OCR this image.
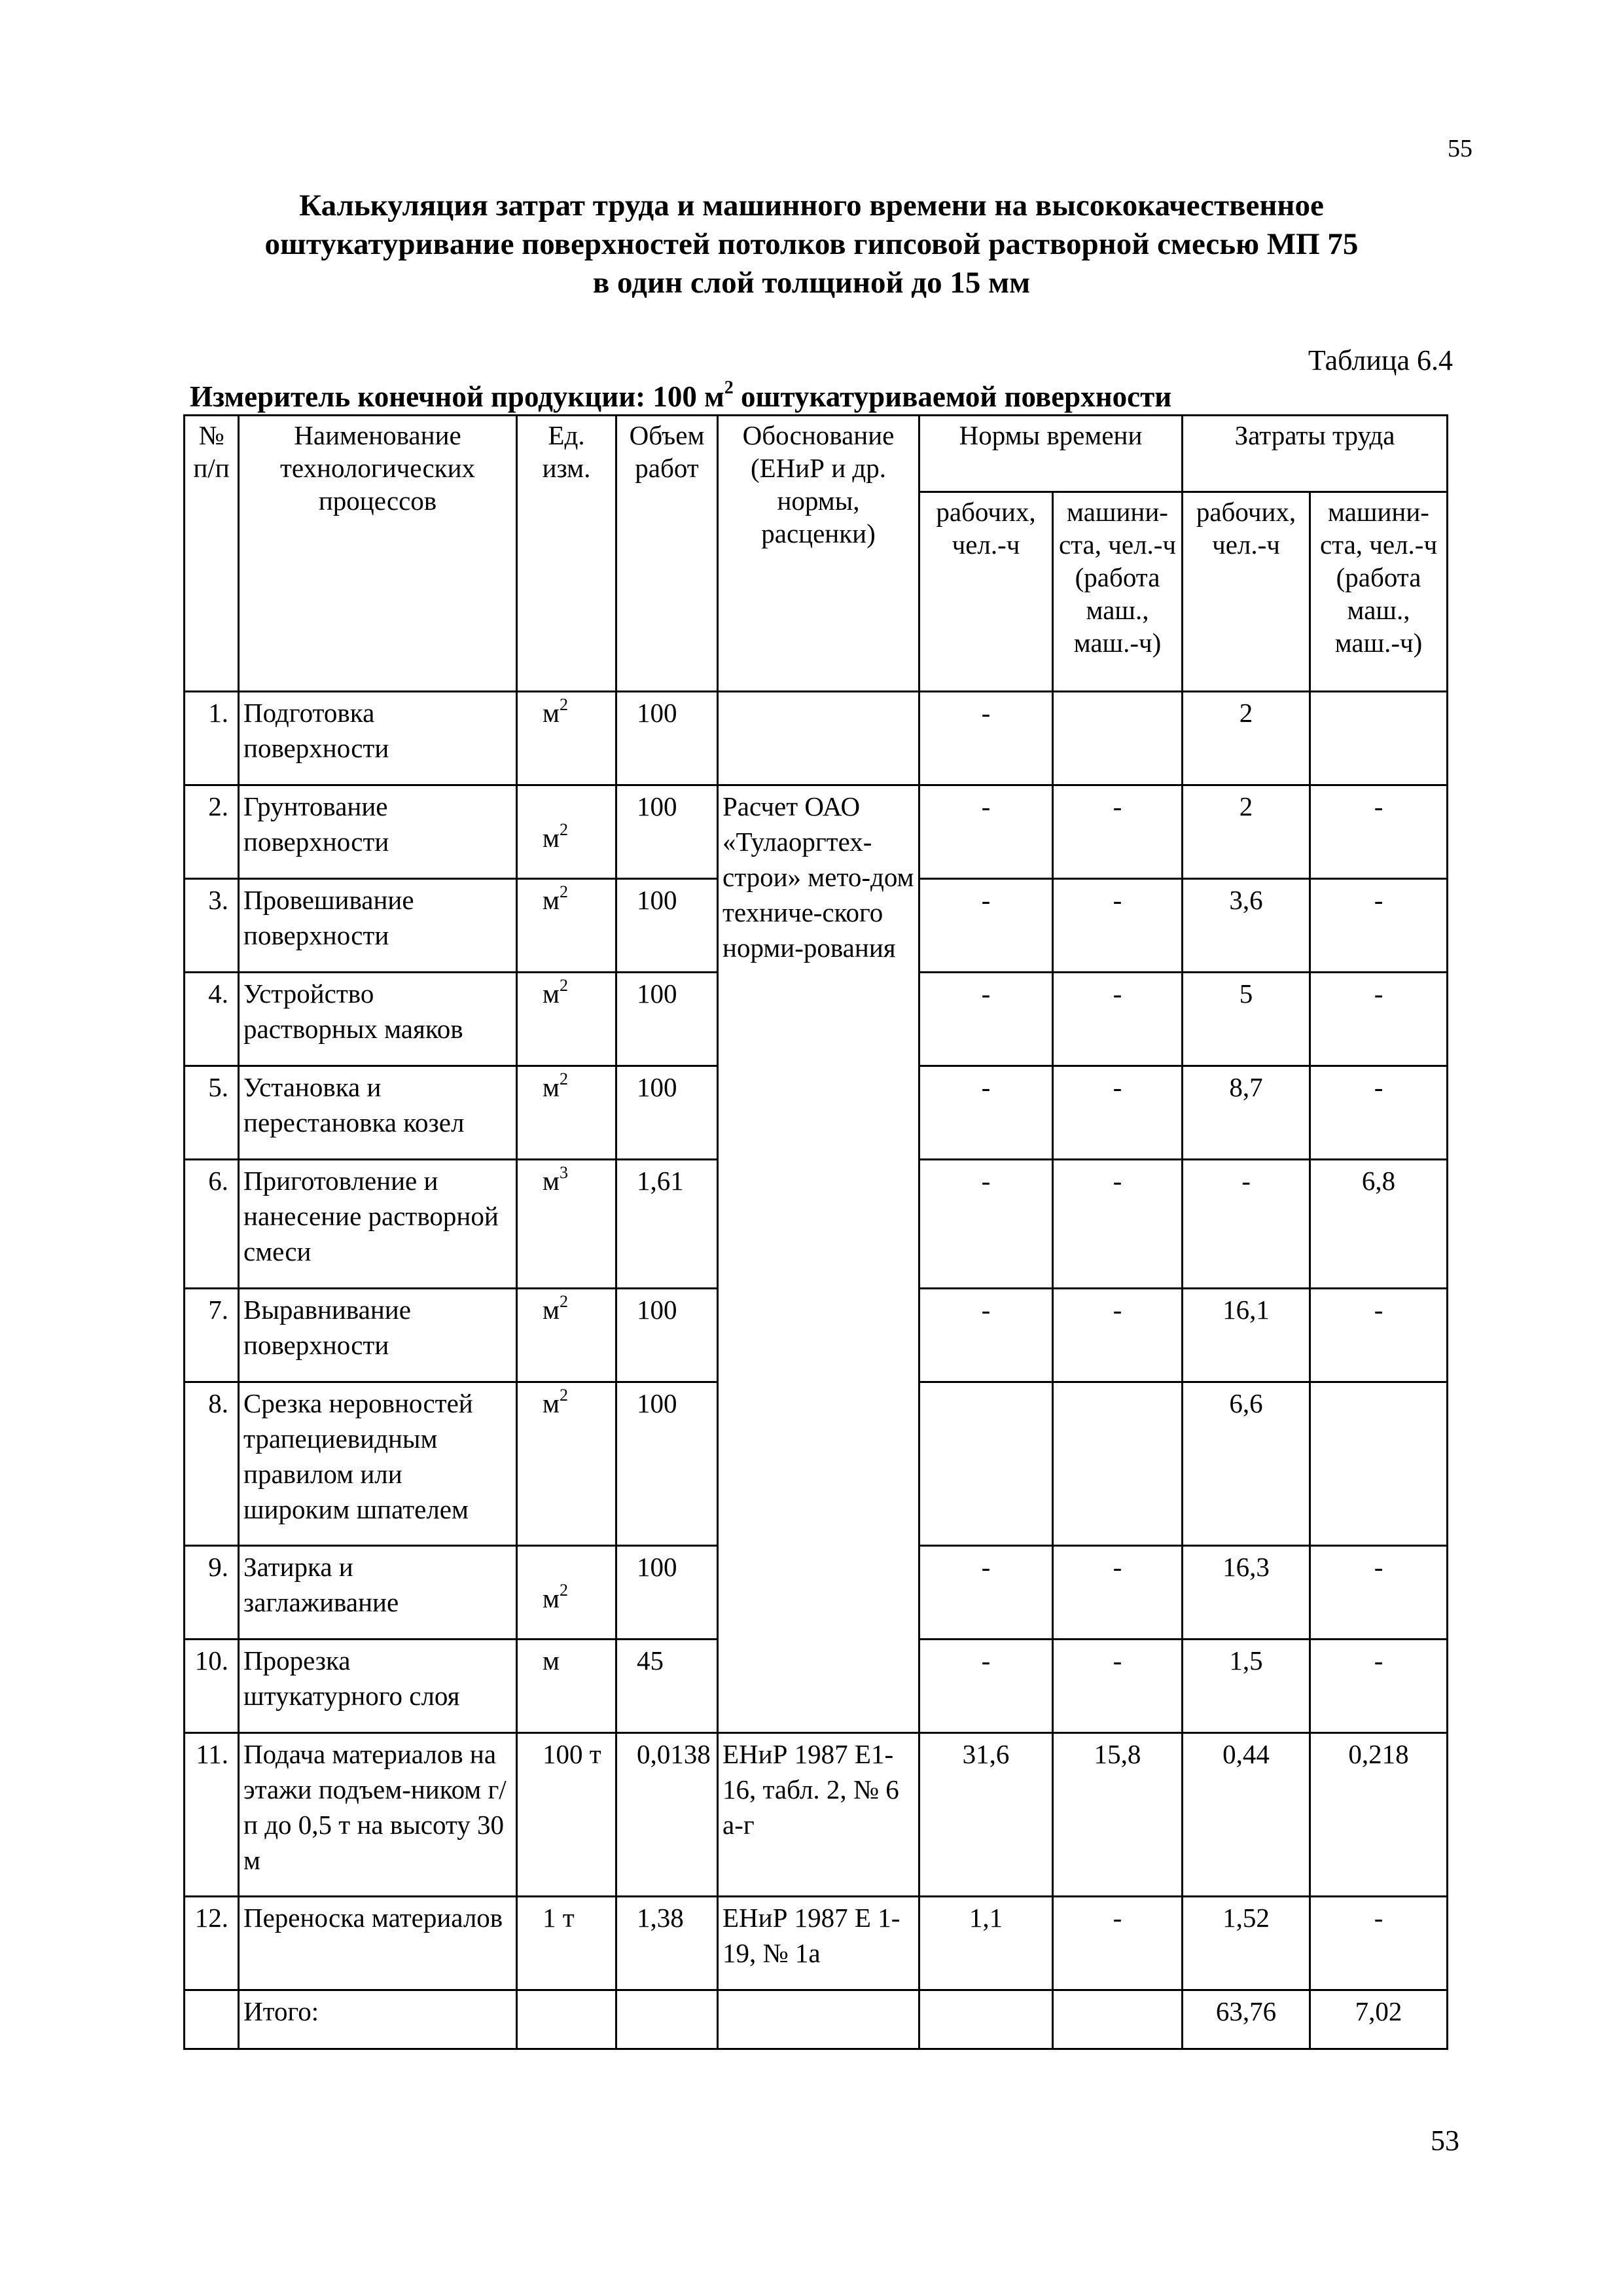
55
Калькуляция затрат труда и машинного времени на высококачественное
оштукатуривание поверхностей потолков гипсовой растворной смесью МП 75
в один слой толщиной до 15 мм
Таблица 6.4
Измеритель конечной продукции: 100 $м^2$ оштукатуриваемой поверхности
№ п/п	Наименование технологических процессов	Ед. изм.	Объем работ	Обоснование (ЕНиР и др. нормы, расценки)	Нормы времени		Затраты труда	
					рабочих, чел.-ч	машини-ста, чел.-ч (работа маш., маш.-ч)	рабочих, чел.-ч	машини-ста, чел.-ч (работа маш., маш.-ч)
1.	Подготовка поверхности	$м^2$	100		-		2	
2.	Грунтование поверхности	$м^2$	100	Расчет ОАО «Тулаоргтех-строи» мето-дом техниче-ского норми-рования	-	-	2	-
3.	Провешивание поверхности	$м^2$	100		-	-	3,6	-
4.	Устройство растворных маяков	$м^2$	100		-	-	5	-
5.	Установка и перестановка козел	$м^2$	100		-	-	8,7	-
6.	Приготовление и нанесение растворной смеси	$м^3$	1,61		-	-	-	6,8
7.	Выравнивание поверхности	$м^2$	100		-	-	16,1	-
8.	Срезка неровностей трапециевидным правилом или широким шпателем	$м^2$	100				6,6	
9.	Затирка и заглаживание	$м^2$	100		-	-	16,3	-
10.	Прорезка штукатурного слоя	м	45		-	-	1,5	-
11.	Подача материалов на этажи подъем-ником г/п до 0,5 т на высоту 30 м	100 т	0,0138	ЕНиР 1987 Е1-16, табл. 2, № 6 а-г	31,6	15,8	0,44	0,218
12.	Переноска материалов	1 т	1,38	ЕНиР 1987 Е 1-19, № 1а	1,1	-	1,52	-
	Итого:						63,76	7,02
53
